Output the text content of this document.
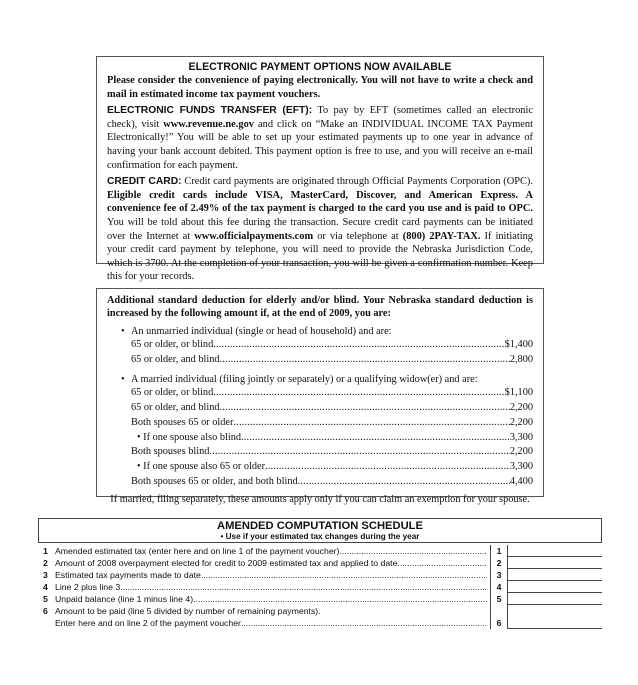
ELECTRONIC PAYMENT OPTIONS NOW AVAILABLE

Please consider the convenience of paying electronically. You will not have to write a check and mail in estimated income tax payment vouchers.

ELECTRONIC FUNDS TRANSFER (EFT): To pay by EFT (sometimes called an electronic check), visit www.revenue.ne.gov and click on “Make an INDIVIDUAL INCOME TAX Payment Electronically!” You will be able to set up your estimated payments up to one year in advance of having your bank account debited. This payment option is free to use, and you will receive an e-mail confirmation for each payment.

CREDIT CARD: Credit card payments are originated through Official Payments Corporation (OPC). Eligible credit cards include VISA, MasterCard, Discover, and American Express. A convenience fee of 2.49% of the tax payment is charged to the card you use and is paid to OPC. You will be told about this fee during the transaction. Secure credit card payments can be initiated over the Internet at www.officialpayments.com or via telephone at (800) 2PAY-TAX. If initiating your credit card payment by telephone, you will need to provide the Nebraska Jurisdiction Code, which is 3700. At the completion of your transaction, you will be given a confirmation number. Keep this for your records.

Additional standard deduction for elderly and/or blind. Your Nebraska standard deduction is increased by the following amount if, at the end of 2009, you are:
• An unmarried individual (single or head of household) and are:
65 or older, or blind .....	$1,400
65 or older, and blind .....	2,800
• A married individual (filing jointly or separately) or a qualifying widow(er) and are:
65 or older, or blind .....	$1,100
65 or older, and blind .....	2,200
Both spouses 65 or older .....	2,200
• If one spouse also blind .....	3,300
Both spouses blind .....	2,200
• If one spouse also 65 or older .....	3,300
Both spouses 65 or older, and both blind .....	4,400
If married, filing separately, these amounts apply only if you can claim an exemption for your spouse.
AMENDED COMPUTATION SCHEDULE
• Use if your estimated tax changes during the year
1 Amended estimated tax (enter here and on line 1 of the payment voucher) .....	1
2 Amount of 2008 overpayment elected for credit to 2009 estimated tax and applied to date .....	2
3 Estimated tax payments made to date .....	3
4 Line 2 plus line 3 .....	4
5 Unpaid balance (line 1 minus line 4) .....	5
6 Amount to be paid (line 5 divided by number of remaining payments).
Enter here and on line 2 of the payment voucher .....	6
